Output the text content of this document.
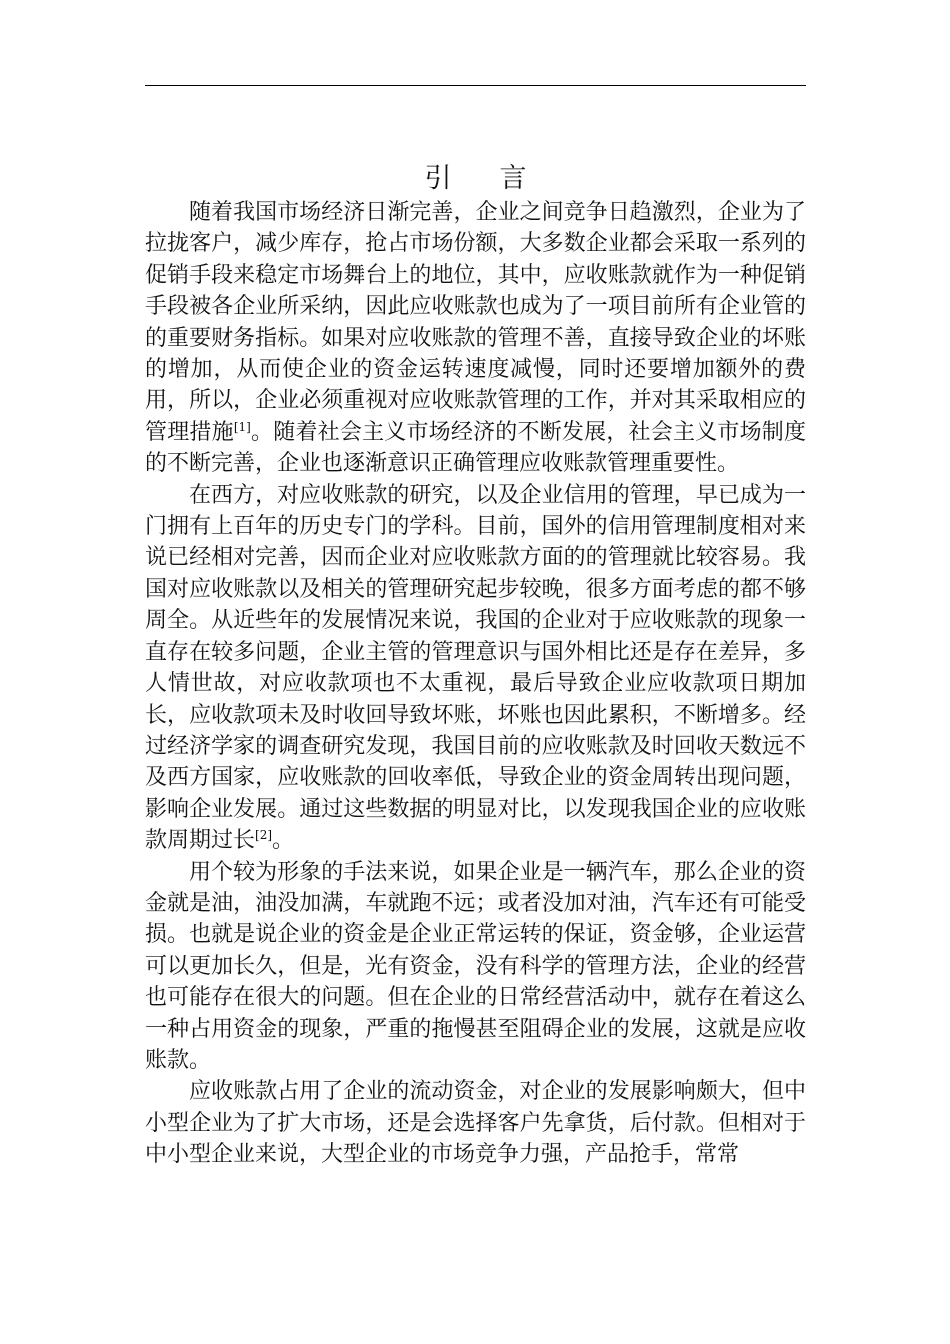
引 言

随着我国市场经济日渐完善，企业之间竞争日趋激烈，企业为了拉拢客户，减少库存，抢占市场份额，大多数企业都会采取一系列的促销手段来稳定市场舞台上的地位，其中，应收账款就作为一种促销手段被各企业所采纳，因此应收账款也成为了一项目前所有企业管的的重要财务指标。如果对应收账款的管理不善，直接导致企业的坏账的增加，从而使企业的资金运转速度减慢，同时还要增加额外的费用，所以，企业必须重视对应收账款管理的工作，并对其采取相应的管理措施[1]。随着社会主义市场经济的不断发展，社会主义市场制度的不断完善，企业也逐渐意识正确管理应收账款管理重要性。

在西方，对应收账款的研究，以及企业信用的管理，早已成为一门拥有上百年的历史专门的学科。目前，国外的信用管理制度相对来说已经相对完善，因而企业对应收账款方面的的管理就比较容易。我国对应收账款以及相关的管理研究起步较晚，很多方面考虑的都不够周全。从近些年的发展情况来说，我国的企业对于应收账款的现象一直存在较多问题，企业主管的管理意识与国外相比还是存在差异，多人情世故，对应收款项也不太重视，最后导致企业应收款项日期加长，应收款项未及时收回导致坏账，坏账也因此累积，不断增多。经过经济学家的调查研究发现，我国目前的应收账款及时回收天数远不及西方国家，应收账款的回收率低，导致企业的资金周转出现问题，影响企业发展。通过这些数据的明显对比，以发现我国企业的应收账款周期过长[2]。

用个较为形象的手法来说，如果企业是一辆汽车，那么企业的资金就是油，油没加满，车就跑不远；或者没加对油，汽车还有可能受损。也就是说企业的资金是企业正常运转的保证，资金够，企业运营可以更加长久，但是，光有资金，没有科学的管理方法，企业的经营也可能存在很大的问题。但在企业的日常经营活动中，就存在着这么一种占用资金的现象，严重的拖慢甚至阻碍企业的发展，这就是应收账款。

应收账款占用了企业的流动资金，对企业的发展影响颇大，但中小型企业为了扩大市场，还是会选择客户先拿货，后付款。但相对于中小型企业来说，大型企业的市场竞争力强，产品抢手，常常
